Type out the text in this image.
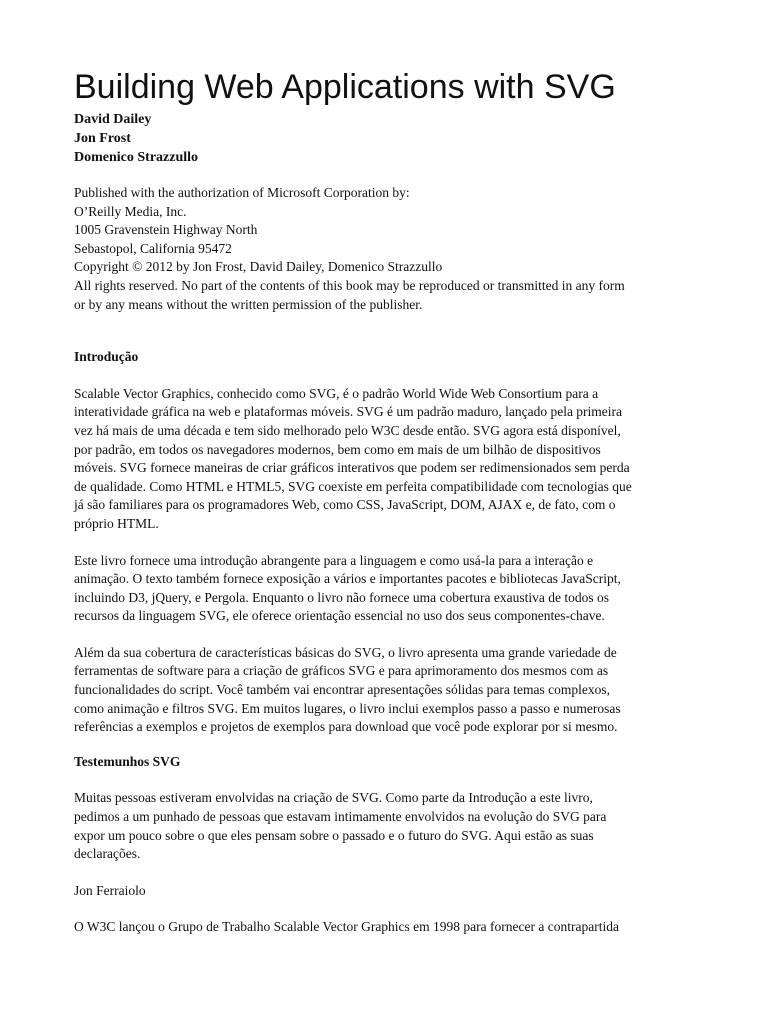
Building Web Applications with SVG
David Dailey
Jon Frost
Domenico Strazzullo
Published with the authorization of Microsoft Corporation by:
O’Reilly Media, Inc.
1005 Gravenstein Highway North
Sebastopol, California 95472
Copyright © 2012 by Jon Frost, David Dailey, Domenico Strazzullo
All rights reserved. No part of the contents of this book may be reproduced or transmitted in any form
or by any means without the written permission of the publisher.
Introdução
Scalable Vector Graphics, conhecido como SVG, é o padrão World Wide Web Consortium para a
interatividade gráfica na web e plataformas móveis. SVG é um padrão maduro, lançado pela primeira
vez há mais de uma década e tem sido melhorado pelo W3C desde então. SVG agora está disponível,
por padrão, em todos os navegadores modernos, bem como em mais de um bilhão de dispositivos
móveis. SVG fornece maneiras de criar gráficos interativos que podem ser redimensionados sem perda
de qualidade. Como HTML e HTML5, SVG coexiste em perfeita compatibilidade com tecnologias que
já são familiares para os programadores Web, como CSS, JavaScript, DOM, AJAX e, de fato, com o
próprio HTML.
Este livro fornece uma introdução abrangente para a linguagem e como usá-la para a interação e
animação. O texto também fornece exposição a vários e importantes pacotes e bibliotecas JavaScript,
incluindo D3, jQuery, e Pergola. Enquanto o livro não fornece uma cobertura exaustiva de todos os
recursos da linguagem SVG, ele oferece orientação essencial no uso dos seus componentes-chave.
Além da sua cobertura de características básicas do SVG, o livro apresenta uma grande variedade de
ferramentas de software para a criação de gráficos SVG e para aprimoramento dos mesmos com as
funcionalidades do script. Você também vai encontrar apresentações sólidas para temas complexos,
como animação e filtros SVG. Em muitos lugares, o livro inclui exemplos passo a passo e numerosas
referências a exemplos e projetos de exemplos para download que você pode explorar por si mesmo.
Testemunhos SVG
Muitas pessoas estiveram envolvidas na criação de SVG. Como parte da Introdução a este livro,
pedimos a um punhado de pessoas que estavam intimamente envolvidos na evolução do SVG para
expor um pouco sobre o que eles pensam sobre o passado e o futuro do SVG. Aqui estão as suas
declarações.
Jon Ferraiolo
O W3C lançou o Grupo de Trabalho Scalable Vector Graphics em 1998 para fornecer a contrapartida
